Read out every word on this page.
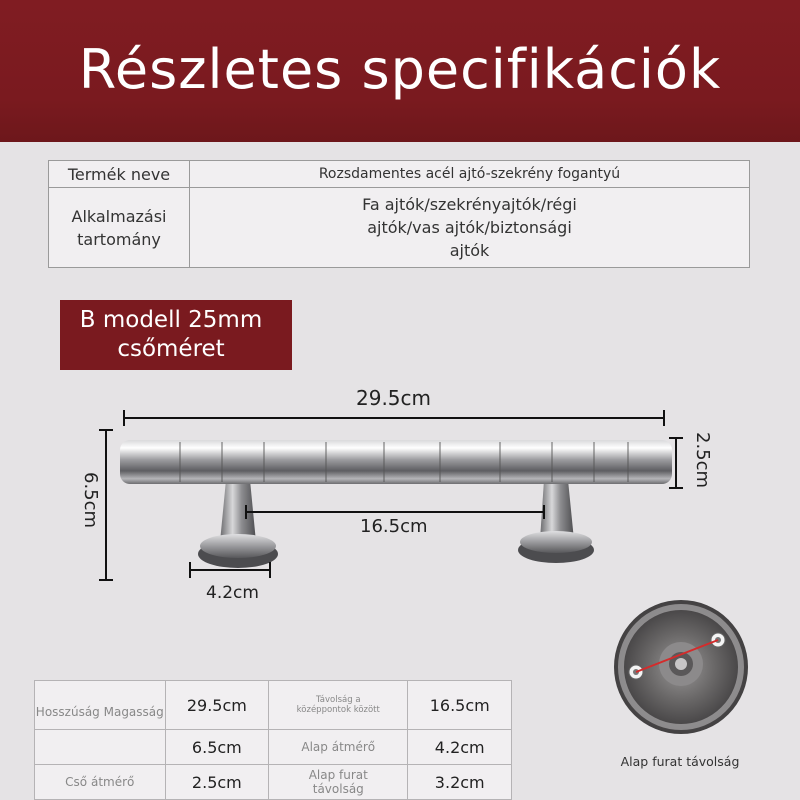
Részletes specifikációk
Termék neve	Rozsdamentes acél ajtó-szekrény fogantyú
Alkalmazási tartomány	Fa ajtók/szekrényajtók/régi ajtók/vas ajtók/biztonsági ajtók
B modell 25mm
csőméret
29.5cm
2.5cm
6.5cm	16.5cm
4.2cm
Alap furat távolság
Hosszúság Magasság	29.5cm	Távolság a középpontok között	16.5cm
	6.5cm	Alap átmérő	4.2cm
Cső átmérő	2.5cm	Alap furat távolság	3.2cm
